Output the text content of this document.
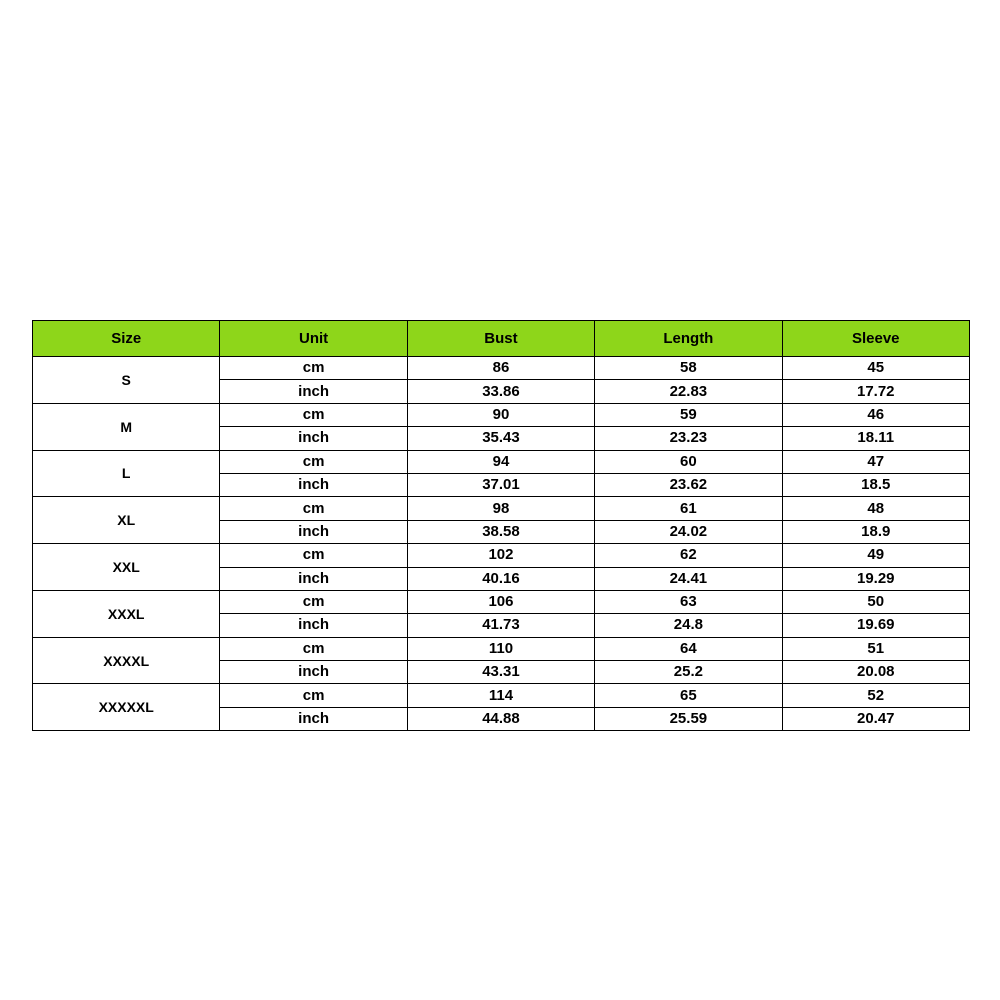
Size	Unit	Bust	Length	Sleeve
S	cm	86	58	45
	inch	33.86	22.83	17.72
M	cm	90	59	46
	inch	35.43	23.23	18.11
L	cm	94	60	47
	inch	37.01	23.62	18.5
XL	cm	98	61	48
	inch	38.58	24.02	18.9
XXL	cm	102	62	49
	inch	40.16	24.41	19.29
XXXL	cm	106	63	50
	inch	41.73	24.8	19.69
XXXXL	cm	110	64	51
	inch	43.31	25.2	20.08
XXXXXL	cm	114	65	52
	inch	44.88	25.59	20.47
